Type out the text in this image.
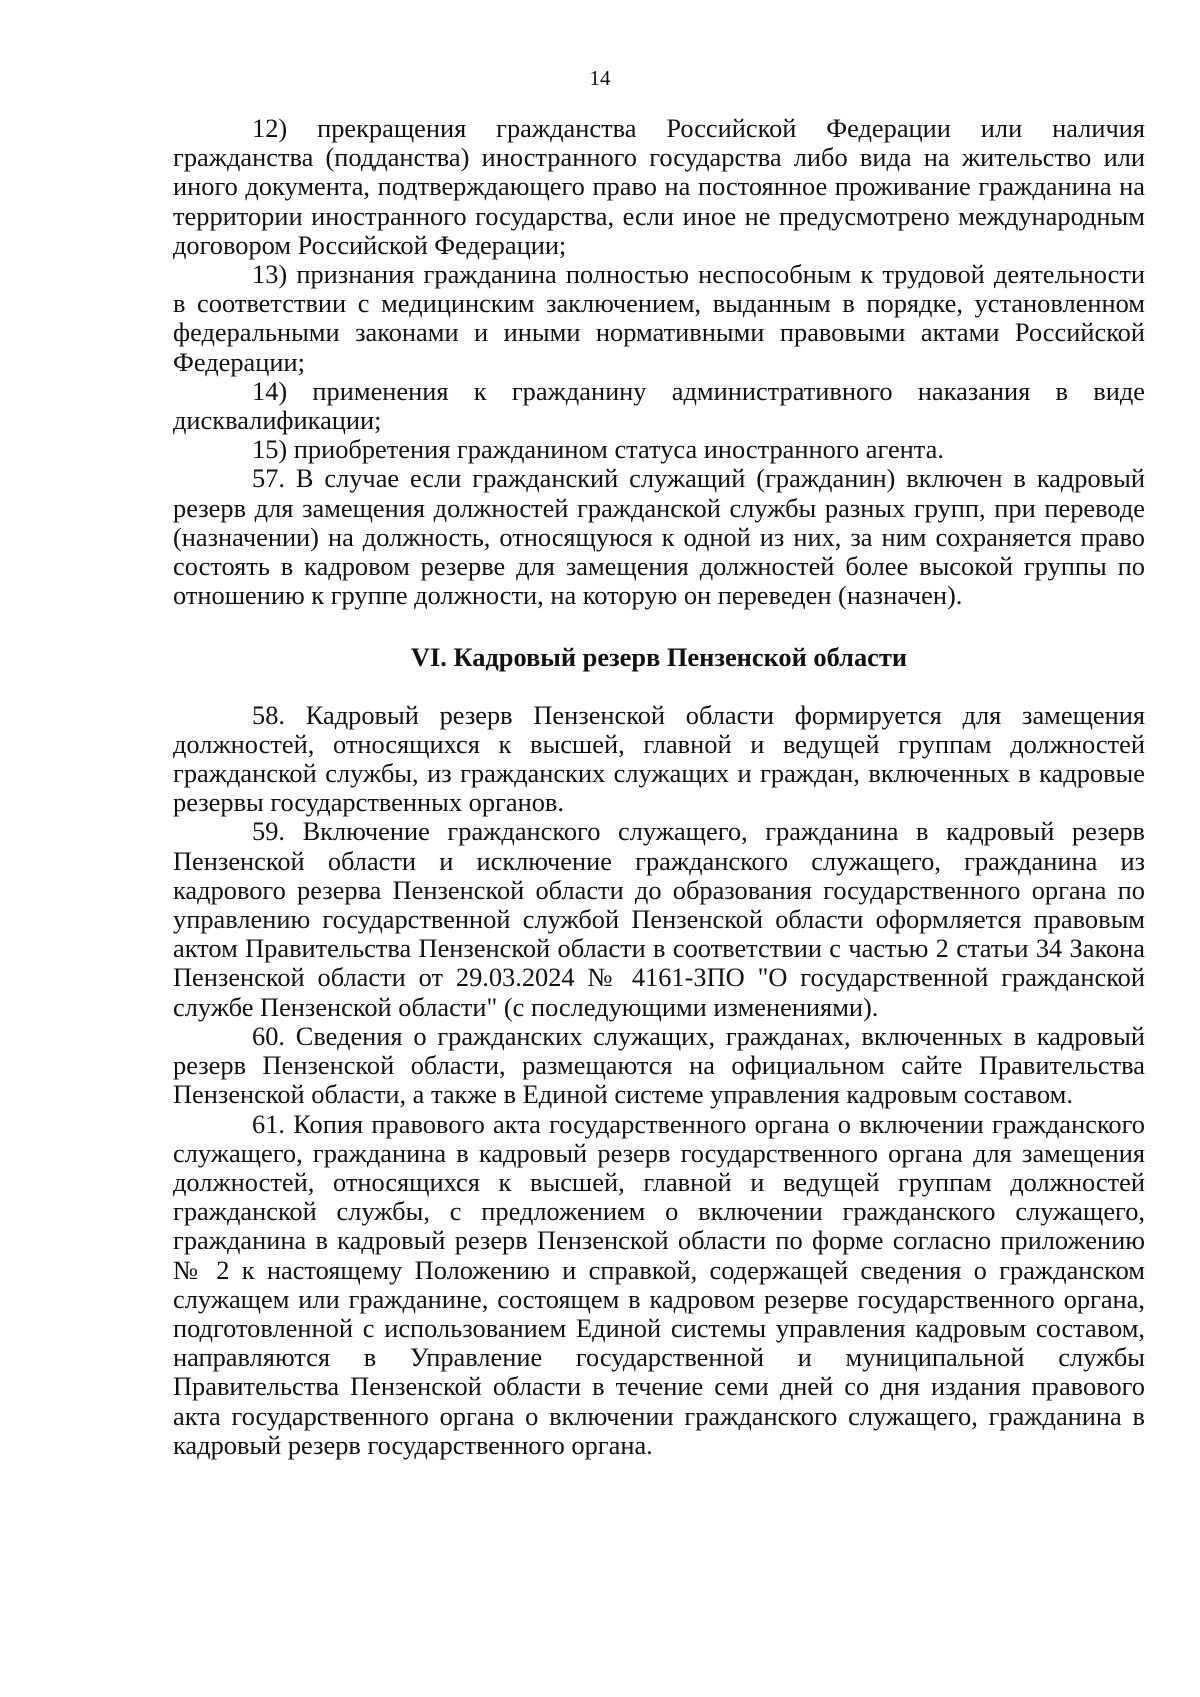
14

12) прекращения гражданства Российской Федерации или наличия гражданства (подданства) иностранного государства либо вида на жительство или иного документа, подтверждающего право на постоянное проживание гражданина на территории иностранного государства, если иное не предусмотрено международным договором Российской Федерации;

13) признания гражданина полностью неспособным к трудовой деятельности в соответствии с медицинским заключением, выданным в порядке, установленном федеральными законами и иными нормативными правовыми актами Российской Федерации;

14) применения к гражданину административного наказания в виде дисквалификации;

15) приобретения гражданином статуса иностранного агента.

57. В случае если гражданский служащий (гражданин) включен в кадровый резерв для замещения должностей гражданской службы разных групп, при переводе (назначении) на должность, относящуюся к одной из них, за ним сохраняется право состоять в кадровом резерве для замещения должностей более высокой группы по отношению к группе должности, на которую он переведен (назначен).

VI. Кадровый резерв Пензенской области

58. Кадровый резерв Пензенской области формируется для замещения должностей, относящихся к высшей, главной и ведущей группам должностей гражданской службы, из гражданских служащих и граждан, включенных в кадровые резервы государственных органов.

59. Включение гражданского служащего, гражданина в кадровый резерв Пензенской области и исключение гражданского служащего, гражданина из кадрового резерва Пензенской области до образования государственного органа по управлению государственной службой Пензенской области оформляется правовым актом Правительства Пензенской области в соответствии с частью 2 статьи 34 Закона Пензенской области от 29.03.2024 № 4161-ЗПО "О государственной гражданской службе Пензенской области" (с последующими изменениями).

60. Сведения о гражданских служащих, гражданах, включенных в кадровый резерв Пензенской области, размещаются на официальном сайте Правительства Пензенской области, а также в Единой системе управления кадровым составом.

61. Копия правового акта государственного органа о включении гражданского служащего, гражданина в кадровый резерв государственного органа для замещения должностей, относящихся к высшей, главной и ведущей группам должностей гражданской службы, с предложением о включении гражданского служащего, гражданина в кадровый резерв Пензенской области по форме согласно приложению № 2 к настоящему Положению и справкой, содержащей сведения о гражданском служащем или гражданине, состоящем в кадровом резерве государственного органа, подготовленной с использованием Единой системы управления кадровым составом, направляются в Управление государственной и муниципальной службы Правительства Пензенской области в течение семи дней со дня издания правового акта государственного органа о включении гражданского служащего, гражданина в кадровый резерв государственного органа.
